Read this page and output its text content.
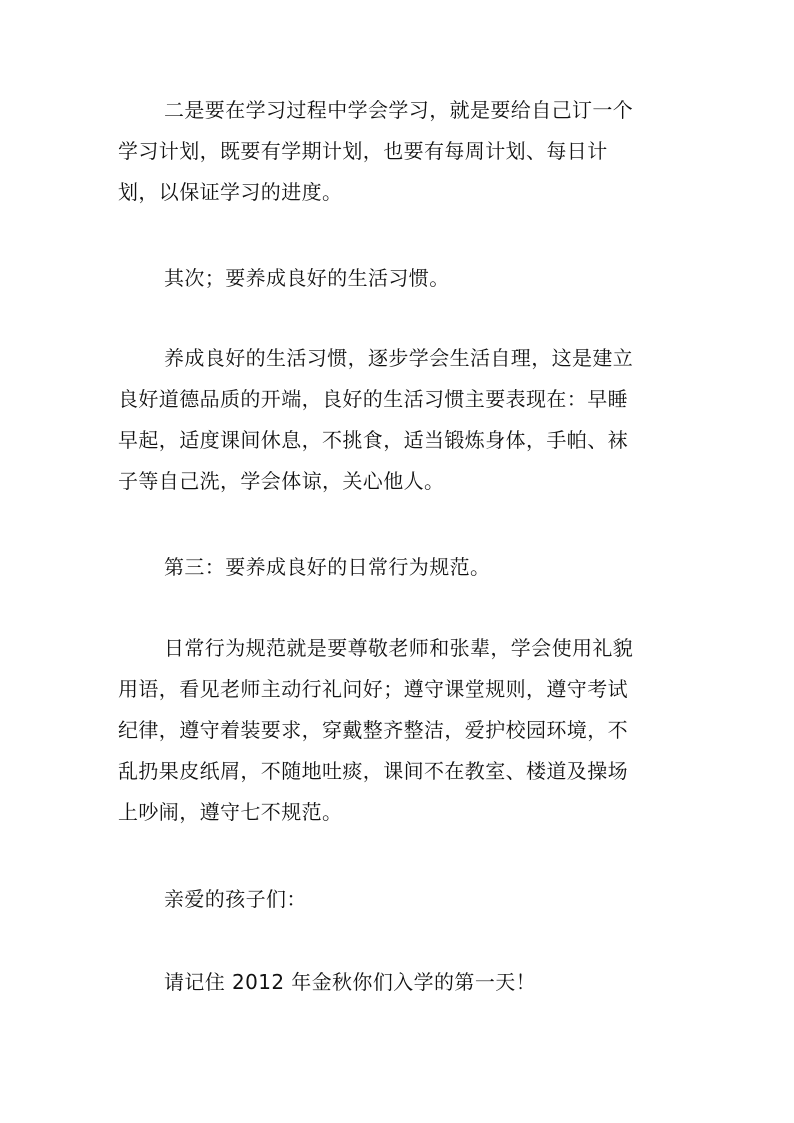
二是要在学习过程中学会学习，就是要给自己订一个学习计划，既要有学期计划，也要有每周计划、每日计划，以保证学习的进度。

其次；要养成良好的生活习惯。

养成良好的生活习惯，逐步学会生活自理，这是建立良好道德品质的开端，良好的生活习惯主要表现在：早睡早起，适度课间休息，不挑食，适当锻炼身体，手帕、袜子等自己洗，学会体谅，关心他人。

第三：要养成良好的日常行为规范。

日常行为规范就是要尊敬老师和张辈，学会使用礼貌用语，看见老师主动行礼问好；遵守课堂规则，遵守考试纪律，遵守着装要求，穿戴整齐整洁，爱护校园环境，不乱扔果皮纸屑，不随地吐痰，课间不在教室、楼道及操场上吵闹，遵守七不规范。

亲爱的孩子们：

请记住 2012 年金秋你们入学的第一天！
